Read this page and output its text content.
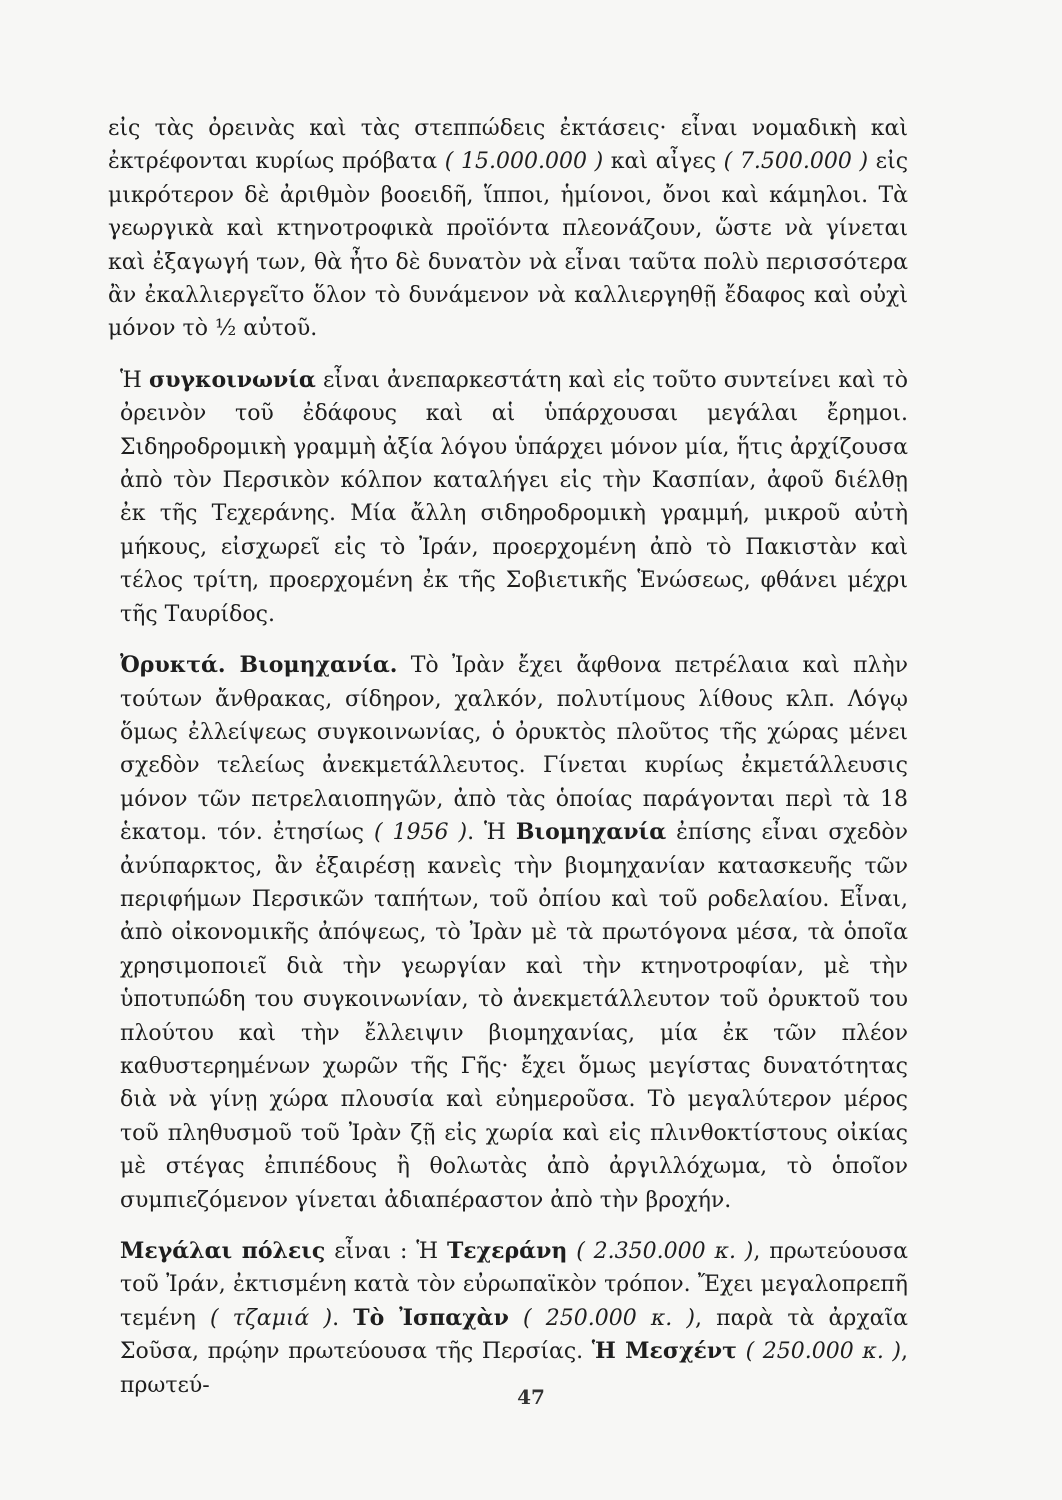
εἰς τὰς ὀρεινὰς καὶ τὰς στεππώδεις ἐκτάσεις· εἶναι νομαδικὴ καὶ ἐκτρέφονται κυρίως πρόβατα ( 15.000.000 ) καὶ αἶγες ( 7.500.000 ) εἰς μικρότερον δὲ ἀριθμὸν βοοειδῆ, ἵπποι, ἡμίονοι, ὄνοι καὶ κάμηλοι. Τὰ γεωργικὰ καὶ κτηνοτροφικὰ προϊόντα πλεονάζουν, ὥστε νὰ γίνεται καὶ ἐξαγωγή των, θὰ ἦτο δὲ δυνατὸν νὰ εἶναι ταῦτα πολὺ περισσότερα ἂν ἐκαλλιεργεῖτο ὅλον τὸ δυνάμενον νὰ καλλιεργηθῇ ἔδαφος καὶ οὐχὶ μόνον τὸ ½ αὐτοῦ.

Ἡ συγκοινωνία εἶναι ἀνεπαρκεστάτη καὶ εἰς τοῦτο συντείνει καὶ τὸ ὀρεινὸν τοῦ ἐδάφους καὶ αἱ ὑπάρχουσαι μεγάλαι ἔρημοι. Σιδηροδρομικὴ γραμμὴ ἀξία λόγου ὑπάρχει μόνον μία, ἥτις ἀρχίζουσα ἀπὸ τὸν Περσικὸν κόλπον καταλήγει εἰς τὴν Κασπίαν, ἀφοῦ διέλθῃ ἐκ τῆς Τεχεράνης. Μία ἄλλη σιδηροδρομικὴ γραμμή, μικροῦ αὐτὴ μήκους, εἰσχωρεῖ εἰς τὸ Ἰράν, προερχομένη ἀπὸ τὸ Πακιστὰν καὶ τέλος τρίτη, προερχομένη ἐκ τῆς Σοβιετικῆς Ἑνώσεως, φθάνει μέχρι τῆς Ταυρίδος.

Ὀρυκτά. Βιομηχανία. Τὸ Ἰρὰν ἔχει ἄφθονα πετρέλαια καὶ πλὴν τούτων ἄνθρακας, σίδηρον, χαλκόν, πολυτίμους λίθους κλπ. Λόγῳ ὅμως ἐλλείψεως συγκοινωνίας, ὁ ὀρυκτὸς πλοῦτος τῆς χώρας μένει σχεδὸν τελείως ἀνεκμετάλλευτος. Γίνεται κυρίως ἐκμετάλλευσις μόνον τῶν πετρελαιοπηγῶν, ἀπὸ τὰς ὁποίας παράγονται περὶ τὰ 18 ἑκατομ. τόν. ἐτησίως ( 1956 ). Ἡ Βιομηχανία ἐπίσης εἶναι σχεδὸν ἀνύπαρκτος, ἂν ἐξαιρέσῃ κανεὶς τὴν βιομηχανίαν κατασκευῆς τῶν περιφήμων Περσικῶν ταπήτων, τοῦ ὀπίου καὶ τοῦ ροδελαίου. Εἶναι, ἀπὸ οἰκονομικῆς ἀπόψεως, τὸ Ἰρὰν μὲ τὰ πρωτόγονα μέσα, τὰ ὁποῖα χρησιμοποιεῖ διὰ τὴν γεωργίαν καὶ τὴν κτηνοτροφίαν, μὲ τὴν ὑποτυπώδη του συγκοινωνίαν, τὸ ἀνεκμετάλλευτον τοῦ ὀρυκτοῦ του πλούτου καὶ τὴν ἔλλειψιν βιομηχανίας, μία ἐκ τῶν πλέον καθυστερημένων χωρῶν τῆς Γῆς· ἔχει ὅμως μεγίστας δυνατότητας διὰ νὰ γίνῃ χώρα πλουσία καὶ εὐημεροῦσα. Τὸ μεγαλύτερον μέρος τοῦ πληθυσμοῦ τοῦ Ἰρὰν ζῇ εἰς χωρία καὶ εἰς πλινθοκτίστους οἰκίας μὲ στέγας ἐπιπέδους ἢ θολωτὰς ἀπὸ ἀργιλλόχωμα, τὸ ὁποῖον συμπιεζόμενον γίνεται ἀδιαπέραστον ἀπὸ τὴν βροχήν.

Μεγάλαι πόλεις εἶναι : Ἡ Τεχεράνη ( 2.350.000 κ. ), πρωτεύουσα τοῦ Ἰράν, ἐκτισμένη κατὰ τὸν εὐρωπαϊκὸν τρόπον. Ἔχει μεγαλοπρεπῆ τεμένη ( τζαμιά ). Τὸ Ἰσπαχὰν ( 250.000 κ. ), παρὰ τὰ ἀρχαῖα Σοῦσα, πρῴην πρωτεύουσα τῆς Περσίας. Ἡ Μεσχέντ ( 250.000 κ. ), πρωτεύ-	47
